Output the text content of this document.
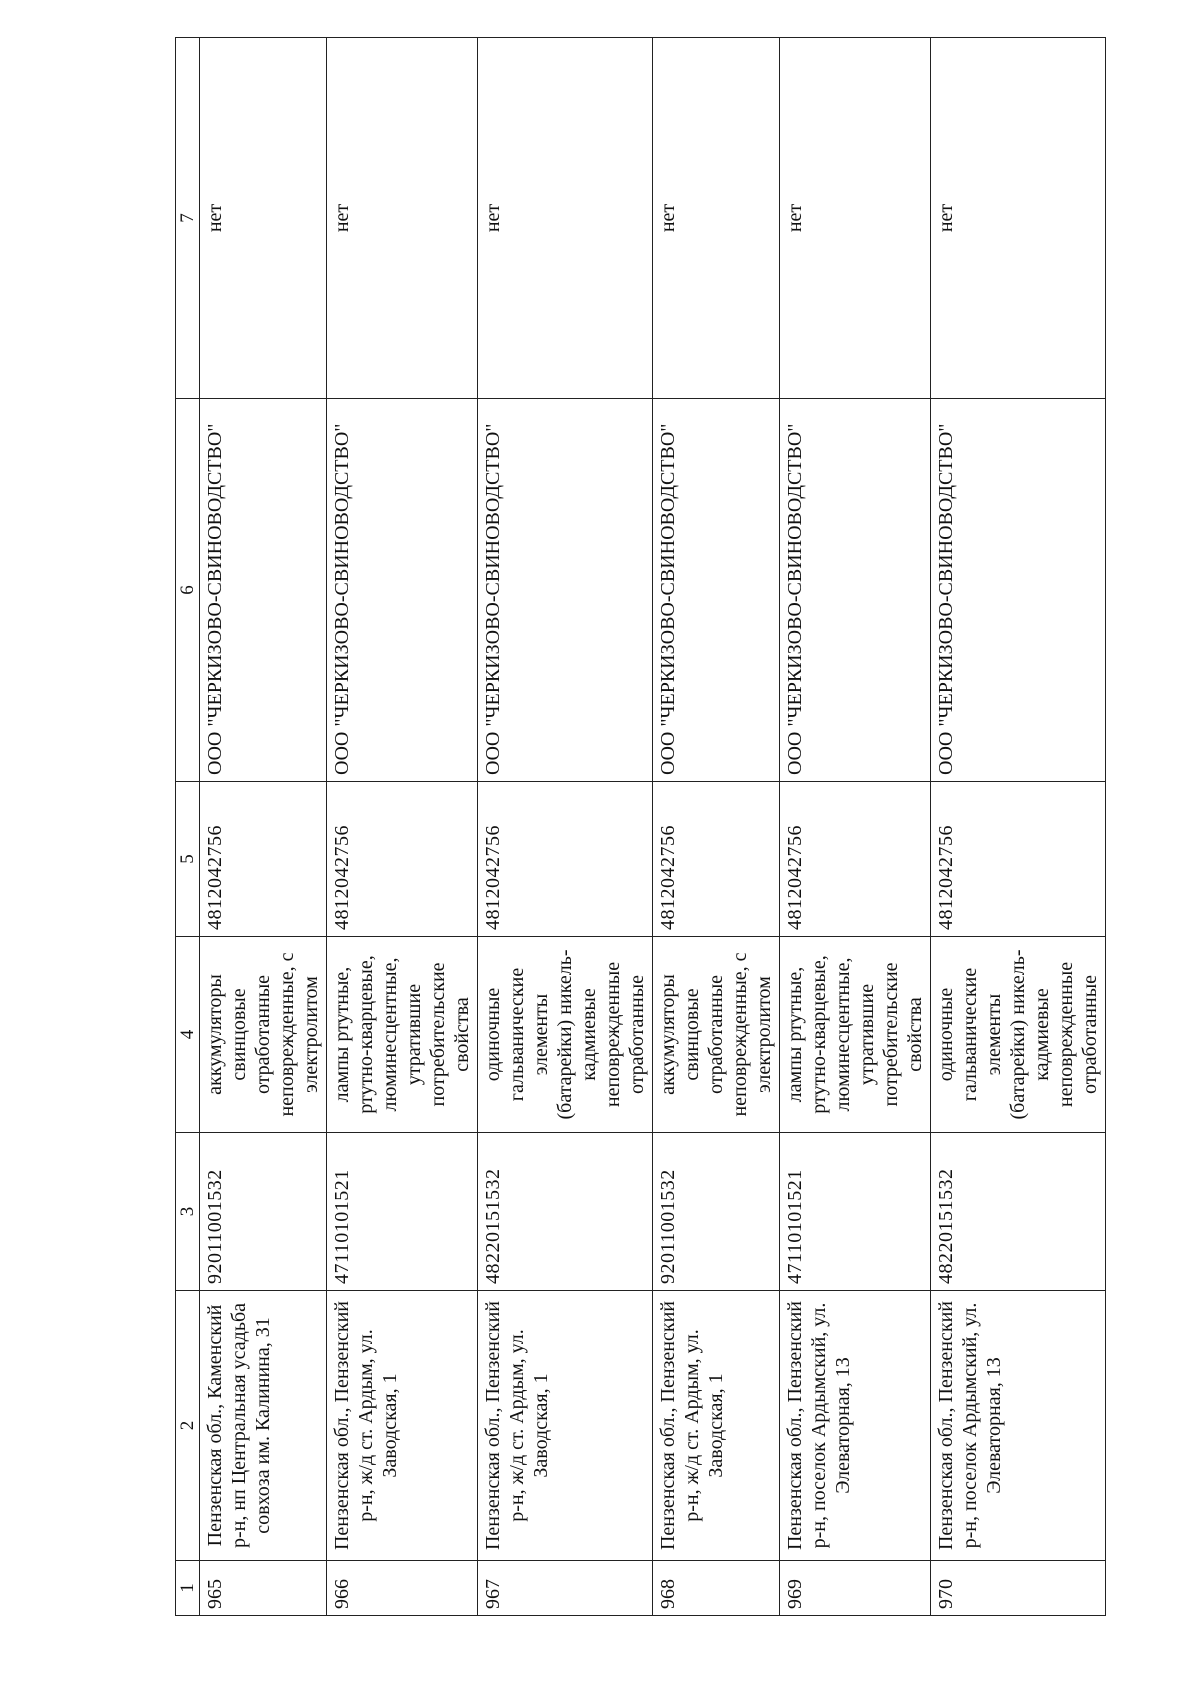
1	2	3	4	5	6	7
965	Пензенская обл., Каменский р-н, нп Центральная усадьба совхоза им. Калинина, 31	92011001532	аккумуляторы свинцовые отработанные неповрежденные, с электролитом	4812042756	ООО "ЧЕРКИЗОВО-СВИНОВОДСТВО"	нет
966	Пензенская обл., Пензенский р-н, ж/д ст. Ардым, ул. Заводская, 1	47110101521	лампы ртутные, ртутно-кварцевые, люминесцентные, утратившие потребительские свойства	4812042756	ООО "ЧЕРКИЗОВО-СВИНОВОДСТВО"	нет
967	Пензенская обл., Пензенский р-н, ж/д ст. Ардым, ул. Заводская, 1	48220151532	одиночные гальванические элементы (батарейки) никель-кадмиевые неповрежденные отработанные	4812042756	ООО "ЧЕРКИЗОВО-СВИНОВОДСТВО"	нет
968	Пензенская обл., Пензенский р-н, ж/д ст. Ардым, ул. Заводская, 1	92011001532	аккумуляторы свинцовые отработанные неповрежденные, с электролитом	4812042756	ООО "ЧЕРКИЗОВО-СВИНОВОДСТВО"	нет
969	Пензенская обл., Пензенский р-н, поселок Ардымский, ул. Элеваторная, 13	47110101521	лампы ртутные, ртутно-кварцевые, люминесцентные, утратившие потребительские свойства	4812042756	ООО "ЧЕРКИЗОВО-СВИНОВОДСТВО"	нет
970	Пензенская обл., Пензенский р-н, поселок Ардымский, ул. Элеваторная, 13	48220151532	одиночные гальванические элементы (батарейки) никель-кадмиевые неповрежденные отработанные	4812042756	ООО "ЧЕРКИЗОВО-СВИНОВОДСТВО"	нет
